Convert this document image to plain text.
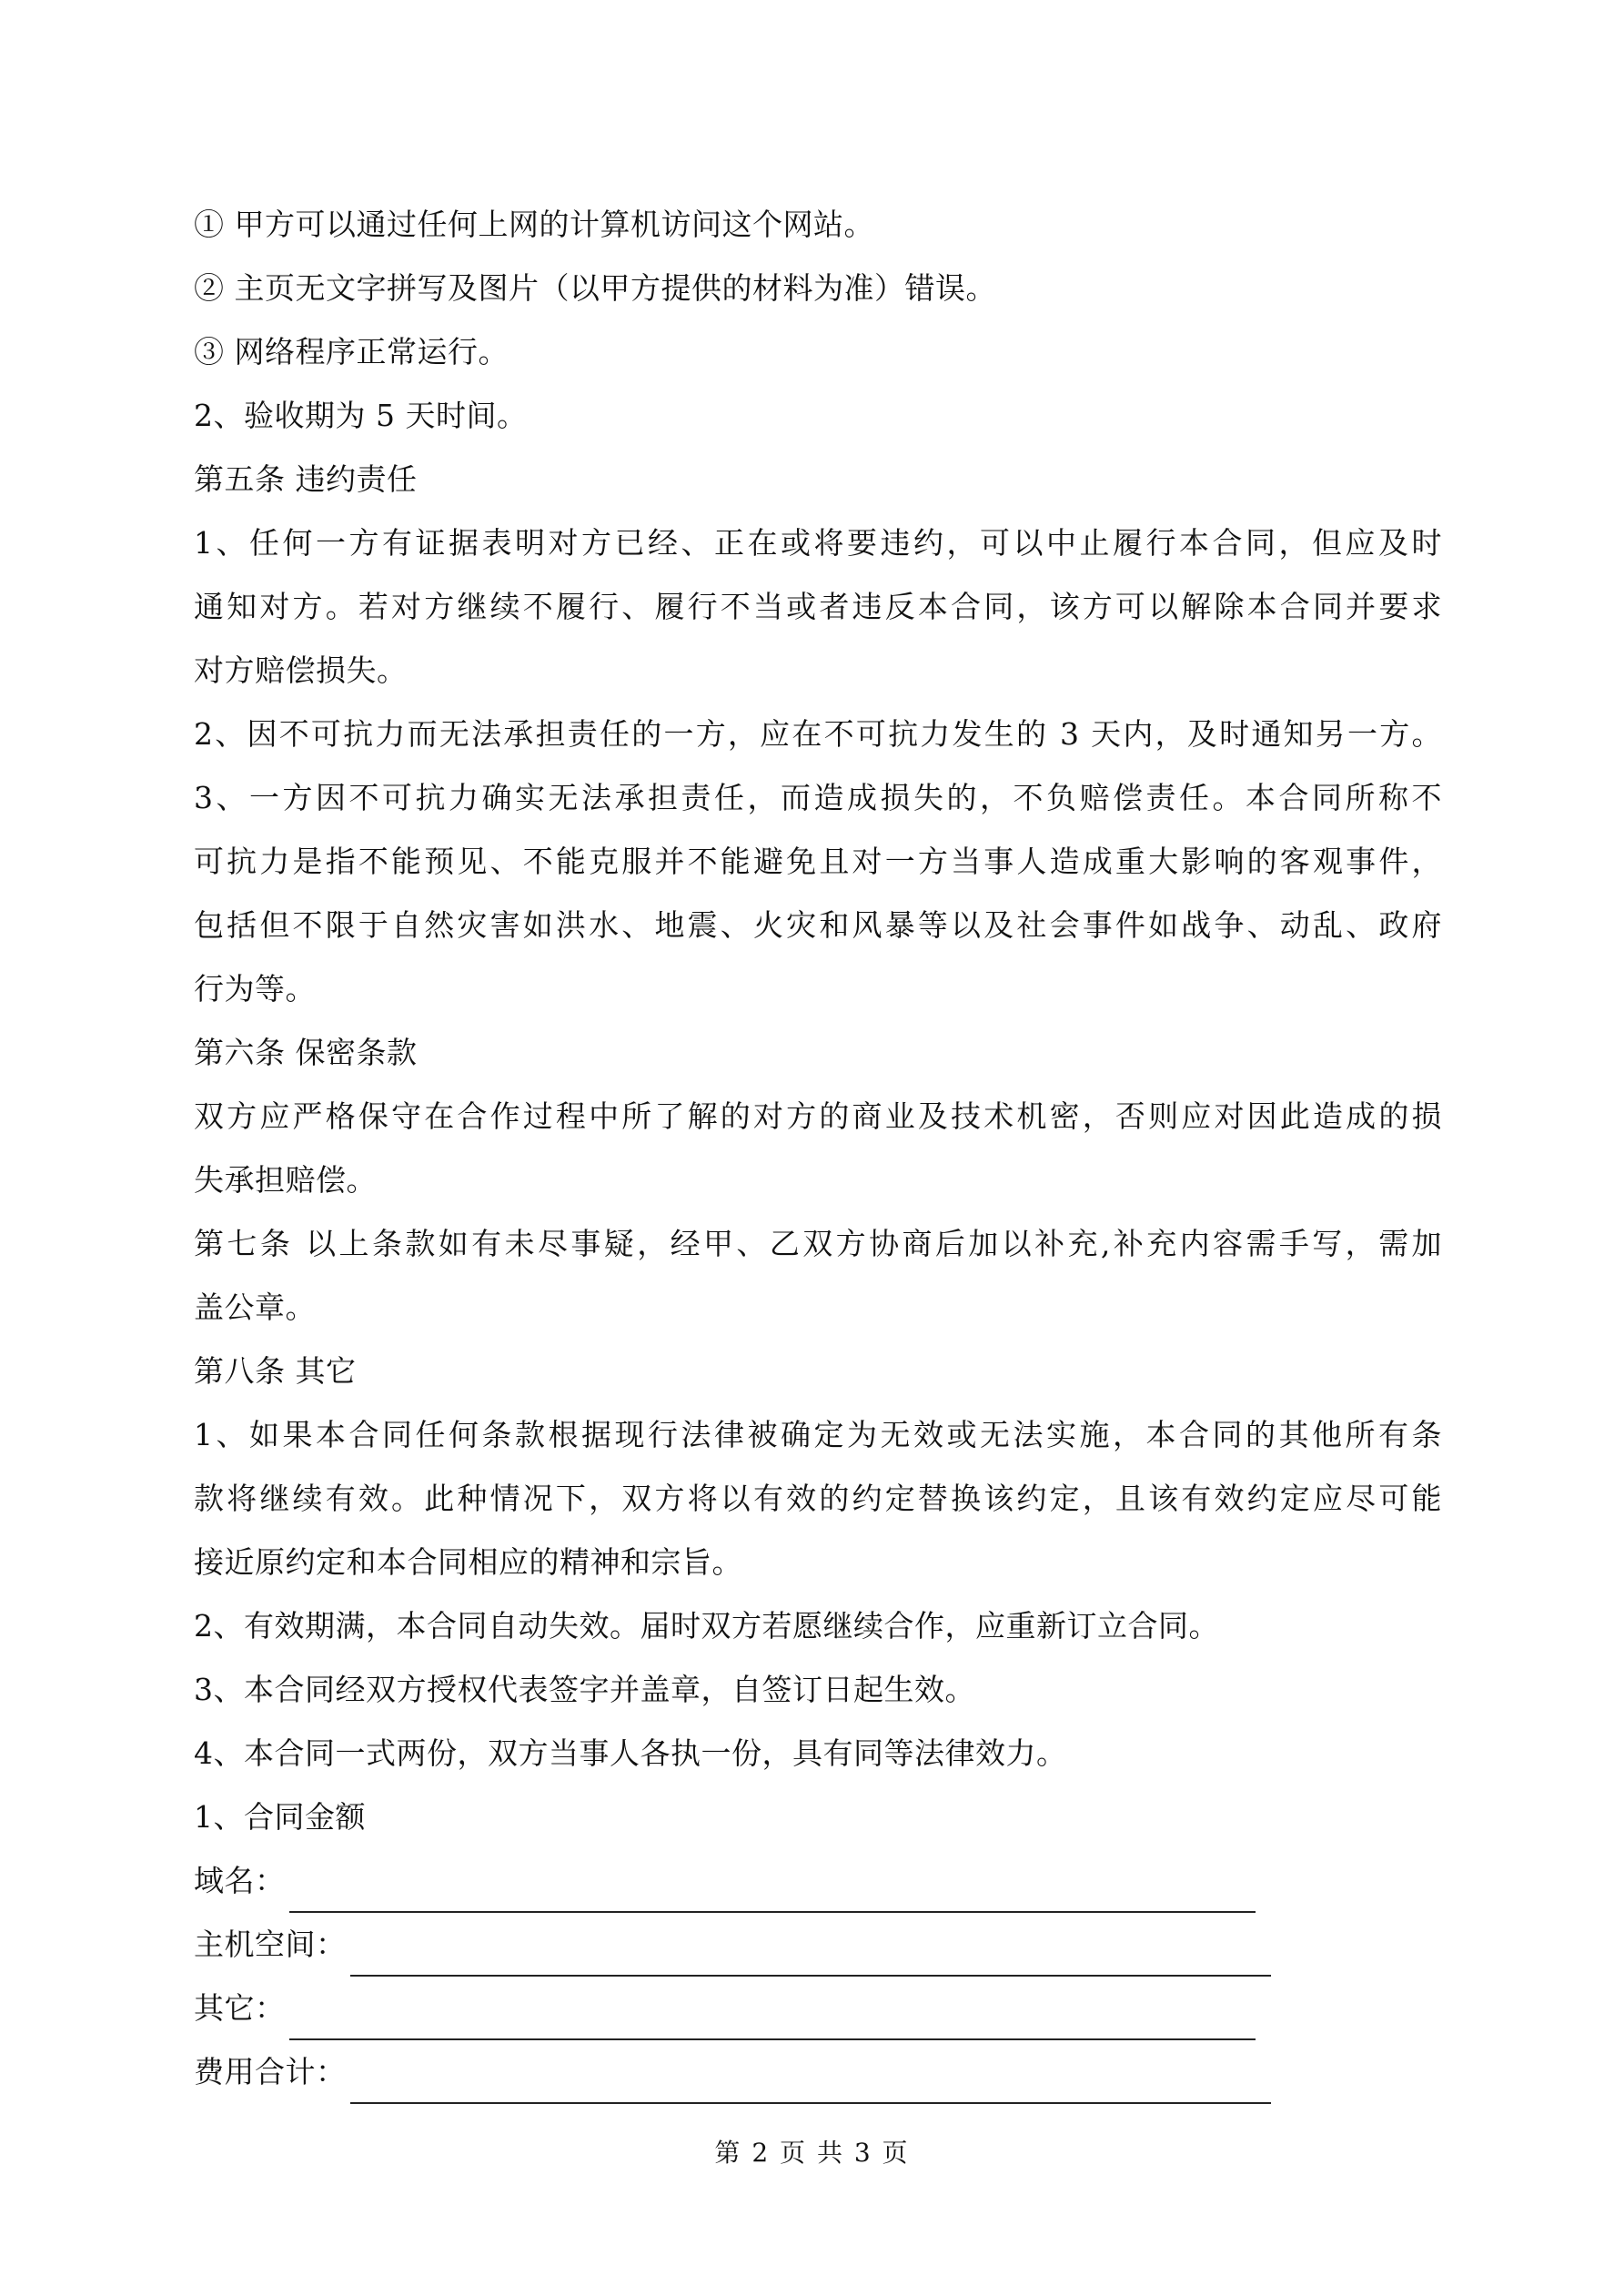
① 甲方可以通过任何上网的计算机访问这个网站。
② 主页无文字拼写及图片（以甲方提供的材料为准）错误。
③ 网络程序正常运行。
2、验收期为 5 天时间。
第五条 违约责任
1、任何一方有证据表明对方已经、正在或将要违约，可以中止履行本合同，但应及时
通知对方。若对方继续不履行、履行不当或者违反本合同，该方可以解除本合同并要求
对方赔偿损失。
2、因不可抗力而无法承担责任的一方，应在不可抗力发生的 3 天内，及时通知另一方。
3、一方因不可抗力确实无法承担责任，而造成损失的，不负赔偿责任。本合同所称不
可抗力是指不能预见、不能克服并不能避免且对一方当事人造成重大影响的客观事件，
包括但不限于自然灾害如洪水、地震、火灾和风暴等以及社会事件如战争、动乱、政府
行为等。
第六条 保密条款
双方应严格保守在合作过程中所了解的对方的商业及技术机密，否则应对因此造成的损
失承担赔偿。
第七条 以上条款如有未尽事疑，经甲、乙双方协商后加以补充,补充内容需手写，需加
盖公章。
第八条 其它
1、如果本合同任何条款根据现行法律被确定为无效或无法实施，本合同的其他所有条
款将继续有效。此种情况下，双方将以有效的约定替换该约定，且该有效约定应尽可能
接近原约定和本合同相应的精神和宗旨。
2、有效期满，本合同自动失效。届时双方若愿继续合作，应重新订立合同。
3、本合同经双方授权代表签字并盖章，自签订日起生效。
4、本合同一式两份，双方当事人各执一份，具有同等法律效力。
1、合同金额
域名：
主机空间：
其它：
费用合计：
第 2 页 共 3 页
